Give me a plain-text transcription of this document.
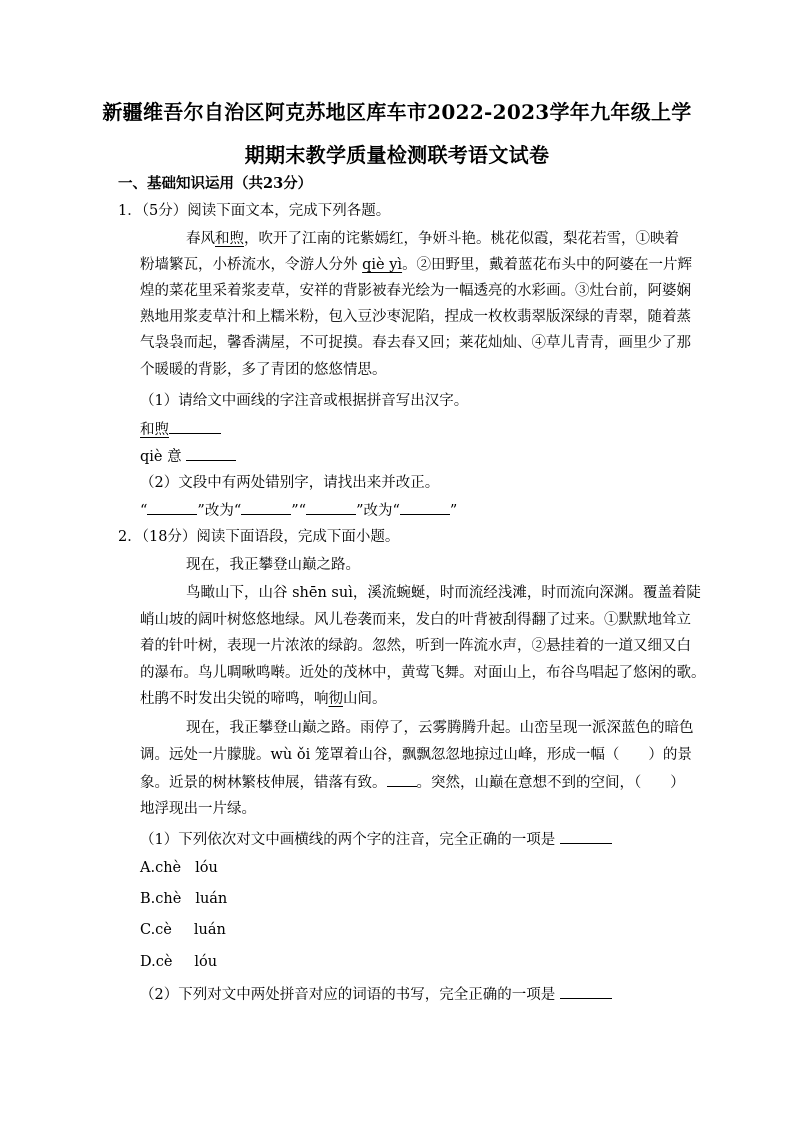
新疆维吾尔自治区阿克苏地区库车市2022-2023学年九年级上学
期期末教学质量检测联考语文试卷
一、基础知识运用（共23分）
1．（5分）阅读下面文本，完成下列各题。
春风和煦，吹开了江南的诧紫嫣红，争妍斗艳。桃花似霞，梨花若雪，①映着
粉墙繁瓦，小桥流水，令游人分外 qiè yì。②田野里，戴着蓝花布头中的阿婆在一片辉
煌的菜花里采着浆麦草，安祥的背影被春光绘为一幅透亮的水彩画。③灶台前，阿婆娴
熟地用浆麦草汁和上糯米粉，包入豆沙枣泥陷，捏成一枚枚翡翠版深绿的青翠，随着蒸
气袅袅而起，馨香满屋，不可捉摸。春去春又回；莱花灿灿、④草儿青青，画里少了那
个暖暖的背影，多了青团的悠悠情思。
（1）请给文中画线的字注音或根据拼音写出汉字。
和煦
qiè 意
（2）文段中有两处错别字，请找出来并改正。
“	”改为“	”“	”改为“	”
2．（18分）阅读下面语段，完成下面小题。
现在，我正攀登山巅之路。
鸟瞰山下，山谷 shēn suì，溪流蜿蜒，时而流经浅滩，时而流向深渊。覆盖着陡
峭山坡的阔叶树悠悠地绿。风儿卷袭而来，发白的叶背被刮得翻了过来。①默默地耸立
着的针叶树，表现一片浓浓的绿韵。忽然，听到一阵流水声，②悬挂着的一道又细又白
的瀑布。鸟儿啁啾鸣啭。近处的茂林中，黄莺飞舞。对面山上，布谷鸟唱起了悠闲的歌。
杜鹃不时发出尖锐的啼鸣，响彻山间。
现在，我正攀登山巅之路。雨停了，云雾腾腾升起。山峦呈现一派深蓝色的暗色
调。远处一片朦胧。wù ǒi 笼罩着山谷，飘飘忽忽地掠过山峰，形成一幅（　　）的景
象。近景的树林繁枝伸展，错落有致。 。突然，山巅在意想不到的空间，（　　）
地浮现出一片绿。
（1）下列依次对文中画横线的两个字的注音，完全正确的一项是
A.chè lóu
B.chè luán
C.cè luán
D.cè lóu
（2）下列对文中两处拼音对应的词语的书写，完全正确的一项是
